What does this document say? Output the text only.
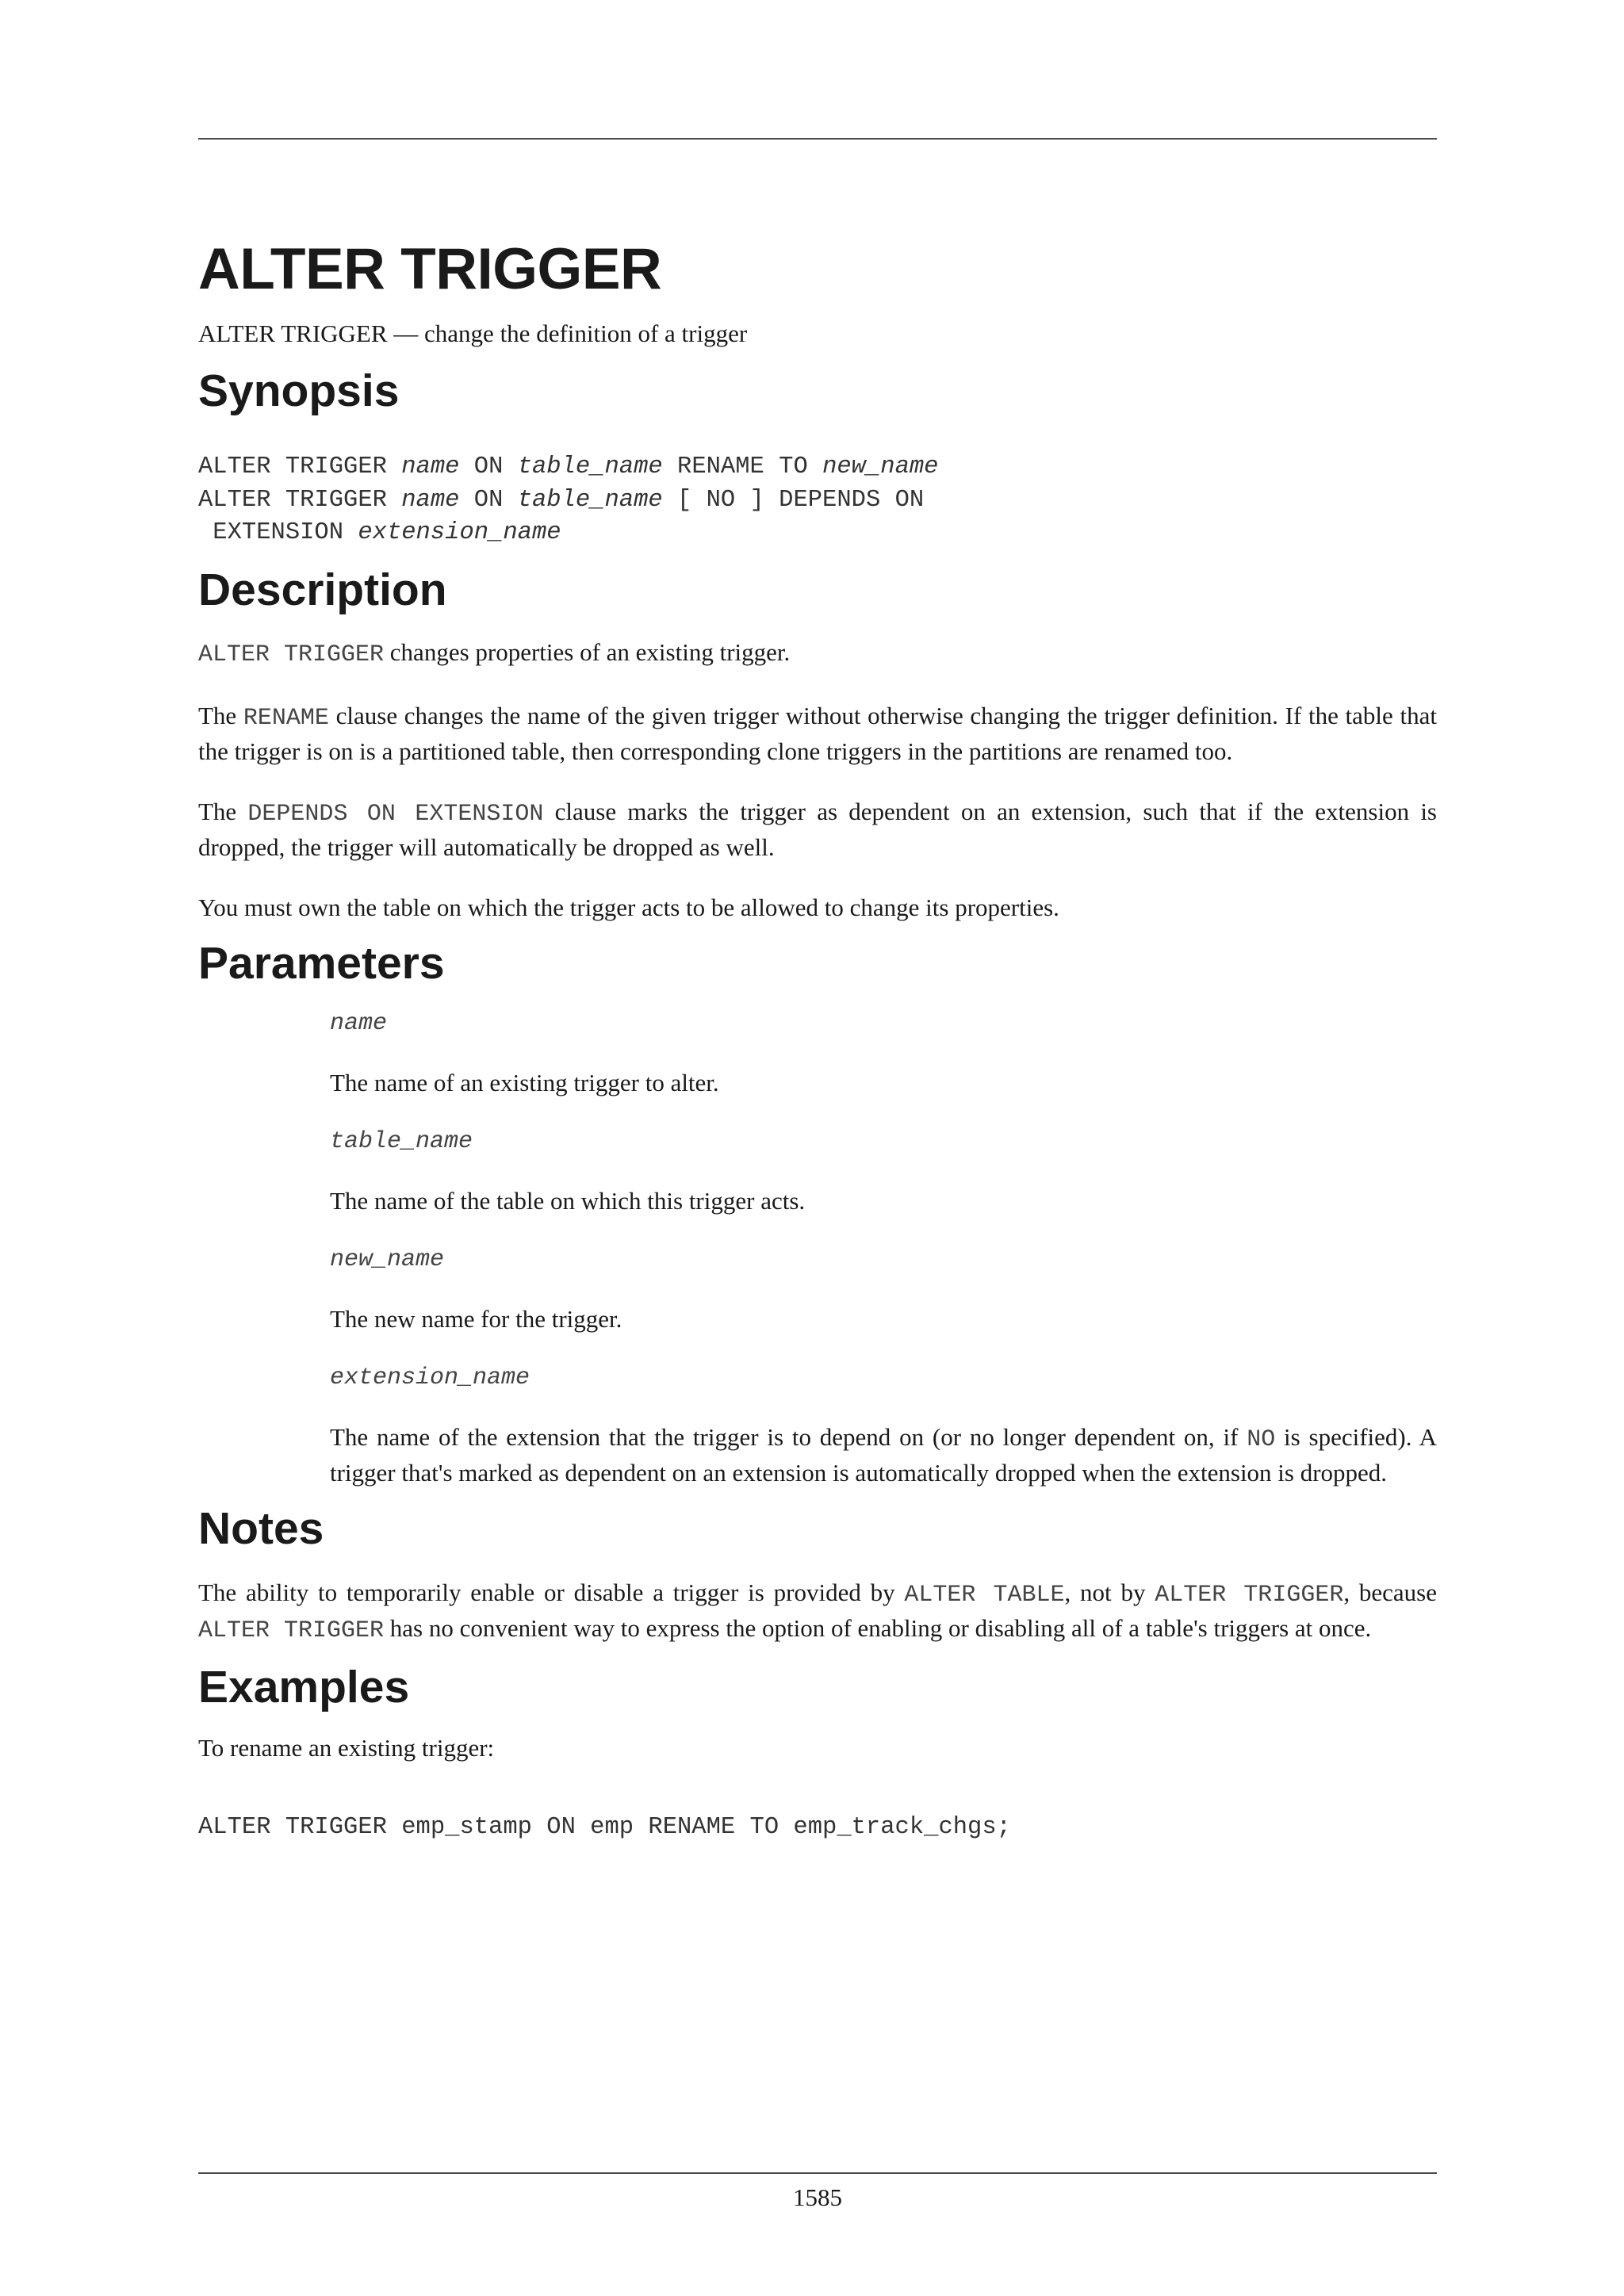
ALTER TRIGGER

ALTER TRIGGER — change the definition of a trigger

Synopsis
ALTER TRIGGER name ON table_name RENAME TO new_name
ALTER TRIGGER name ON table_name [ NO ] DEPENDS ON
EXTENSION extension_name
Description

ALTER TRIGGER changes properties of an existing trigger.

The RENAME clause changes the name of the given trigger without otherwise changing the trigger definition. If the table that the trigger is on is a partitioned table, then corresponding clone triggers in the partitions are renamed too.

The DEPENDS ON EXTENSION clause marks the trigger as dependent on an extension, such that if the extension is dropped, the trigger will automatically be dropped as well.

You must own the table on which the trigger acts to be allowed to change its properties.

Parameters
name

The name of an existing trigger to alter.

table_name

The name of the table on which this trigger acts.

new_name

The new name for the trigger.

extension_name

The name of the extension that the trigger is to depend on (or no longer dependent on, if NO is specified). A trigger that's marked as dependent on an extension is automatically dropped when the extension is dropped.

Notes

The ability to temporarily enable or disable a trigger is provided by ALTER TABLE, not by ALTER TRIGGER, because ALTER TRIGGER has no convenient way to express the option of enabling or disabling all of a table's triggers at once.

Examples

To rename an existing trigger:

ALTER TRIGGER emp_stamp ON emp RENAME TO emp_track_chgs;
1585
